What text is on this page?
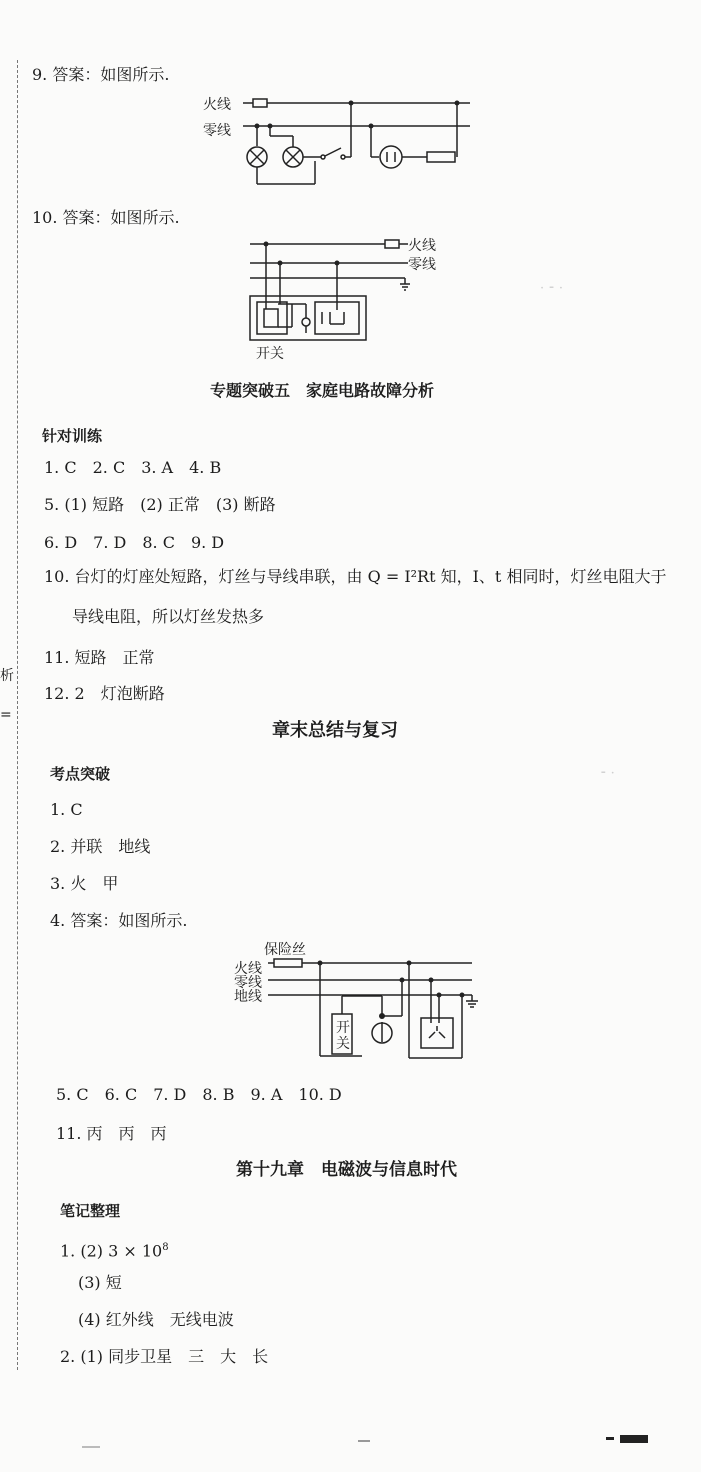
析
=
9. 答案：如图所示.
火线
零线
10. 答案：如图所示.
火线
零线
开关
· ⁃ ·
专题突破五　家庭电路故障分析
针对训练
1. C　2. C　3. A　4. B
5. (1) 短路　(2) 正常　(3) 断路
6. D　7. D　8. C　9. D
10. 台灯的灯座处短路，灯丝与导线串联，由 Q = I²Rt 知，I、t 相同时，灯丝电阻大于
导线电阻，所以灯丝发热多
11. 短路　正常
12. 2　灯泡断路
章末总结与复习
⁃ ·
考点突破
1. C
2. 并联　地线
3. 火　甲
4. 答案：如图所示.
保险丝
火线
零线
地线
开
关
5. C　6. C　7. D　8. B　9. A　10. D
11. 丙　丙　丙
第十九章　电磁波与信息时代
笔记整理
1. (2) $3 \times 10^8$
(3) 短
(4) 红外线　无线电波
2. (1) 同步卫星　三　大　长
